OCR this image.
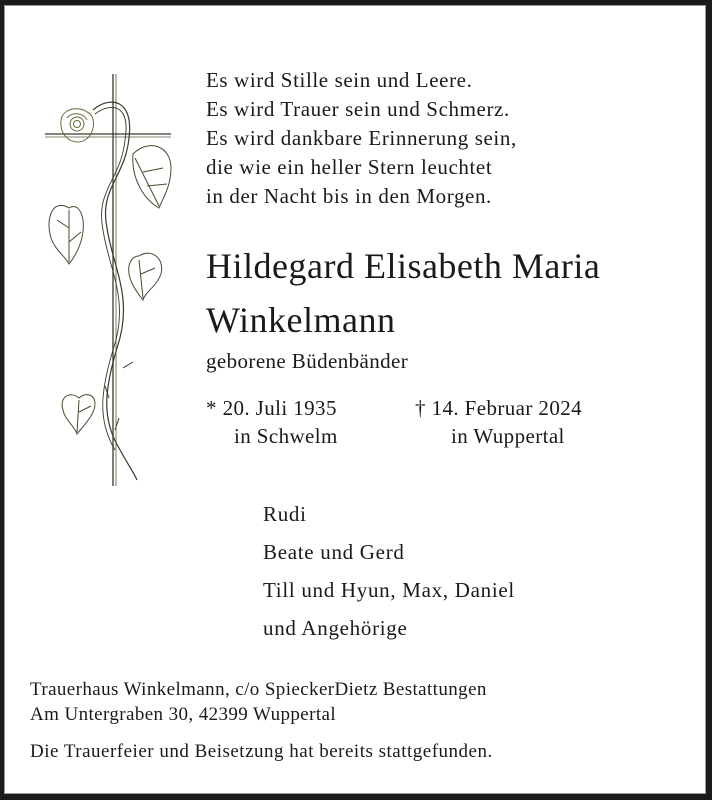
Es wird Stille sein und Leere.
Es wird Trauer sein und Schmerz.
Es wird dankbare Erinnerung sein,
die wie ein heller Stern leuchtet
in der Nacht bis in den Morgen.
Hildegard Elisabeth Maria
Winkelmann
geborene Büdenbänder
* 20. Juli 1935
in Schwelm
† 14. Februar 2024
in Wuppertal
Rudi
Beate und Gerd
Till und Hyun, Max, Daniel
und Angehörige
Trauerhaus Winkelmann, c/o SpieckerDietz Bestattungen
Am Untergraben 30, 42399 Wuppertal
Die Trauerfeier und Beisetzung hat bereits stattgefunden.
